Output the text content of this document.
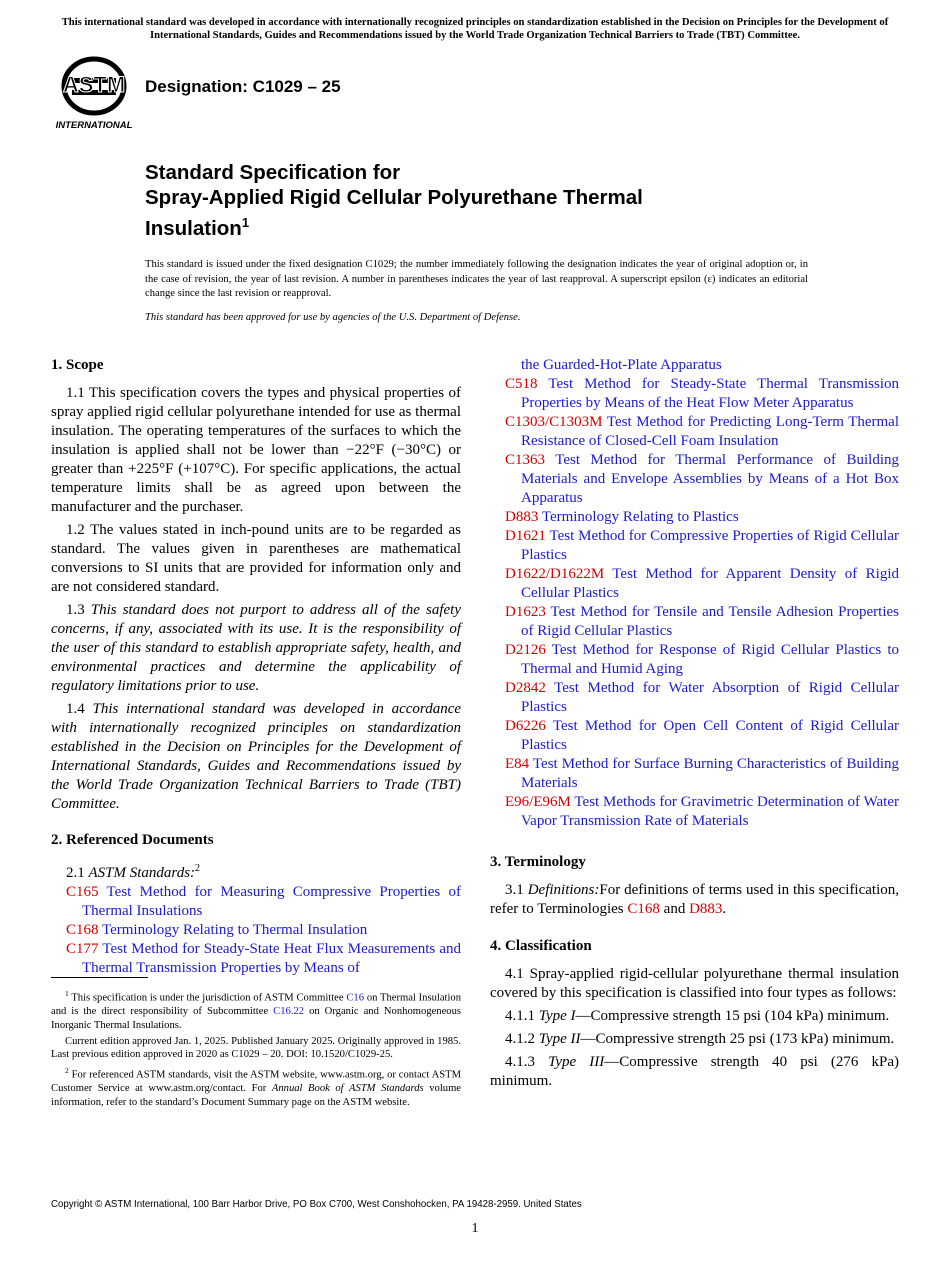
This international standard was developed in accordance with internationally recognized principles on standardization established in the Decision on Principles for the Development of International Standards, Guides and Recommendations issued by the World Trade Organization Technical Barriers to Trade (TBT) Committee.
ASTM
INTERNATIONAL
Designation: C1029 – 25
Standard Specification for
Spray-Applied Rigid Cellular Polyurethane Thermal
Insulation$^1$
This standard is issued under the fixed designation C1029; the number immediately following the designation indicates the year of original adoption or, in the case of revision, the year of last revision. A number in parentheses indicates the year of last reapproval. A superscript epsilon (ε) indicates an editorial change since the last revision or reapproval.
This standard has been approved for use by agencies of the U.S. Department of Defense.
1. Scope

1.1 This specification covers the types and physical properties of spray applied rigid cellular polyurethane intended for use as thermal insulation. The operating temperatures of the surfaces to which the insulation is applied shall not be lower than −22°F (−30°C) or greater than +225°F (+107°C). For specific applications, the actual temperature limits shall be as agreed upon between the manufacturer and the purchaser.

1.2 The values stated in inch-pound units are to be regarded as standard. The values given in parentheses are mathematical conversions to SI units that are provided for information only and are not considered standard.

1.3 This standard does not purport to address all of the safety concerns, if any, associated with its use. It is the responsibility of the user of this standard to establish appropriate safety, health, and environmental practices and determine the applicability of regulatory limitations prior to use.

1.4 This international standard was developed in accordance with internationally recognized principles on standardization established in the Decision on Principles for the Development of International Standards, Guides and Recommendations issued by the World Trade Organization Technical Barriers to Trade (TBT) Committee.

2. Referenced Documents

2.1 ASTM Standards:$^2$

C165 Test Method for Measuring Compressive Properties of Thermal Insulations

C168 Terminology Relating to Thermal Insulation

C177 Test Method for Steady-State Heat Flux Measurements and Thermal Transmission Properties by Means of

the Guarded-Hot-Plate Apparatus

C518 Test Method for Steady-State Thermal Transmission Properties by Means of the Heat Flow Meter Apparatus

C1303/C1303M Test Method for Predicting Long-Term Thermal Resistance of Closed-Cell Foam Insulation

C1363 Test Method for Thermal Performance of Building Materials and Envelope Assemblies by Means of a Hot Box Apparatus

D883 Terminology Relating to Plastics

D1621 Test Method for Compressive Properties of Rigid Cellular Plastics

D1622/D1622M Test Method for Apparent Density of Rigid Cellular Plastics

D1623 Test Method for Tensile and Tensile Adhesion Properties of Rigid Cellular Plastics

D2126 Test Method for Response of Rigid Cellular Plastics to Thermal and Humid Aging

D2842 Test Method for Water Absorption of Rigid Cellular Plastics

D6226 Test Method for Open Cell Content of Rigid Cellular Plastics

E84 Test Method for Surface Burning Characteristics of Building Materials

E96/E96M Test Methods for Gravimetric Determination of Water Vapor Transmission Rate of Materials

3. Terminology

3.1 Definitions:For definitions of terms used in this specification, refer to Terminologies C168 and D883.

4. Classification

4.1 Spray-applied rigid-cellular polyurethane thermal insulation covered by this specification is classified into four types as follows:

4.1.1 Type I—Compressive strength 15 psi (104 kPa) minimum.

4.1.2 Type II—Compressive strength 25 psi (173 kPa) minimum.

4.1.3 Type III—Compressive strength 40 psi (276 kPa) minimum.

$^1$ This specification is under the jurisdiction of ASTM Committee C16 on Thermal Insulation and is the direct responsibility of Subcommittee C16.22 on Organic and Nonhomogeneous Inorganic Thermal Insulations.

Current edition approved Jan. 1, 2025. Published January 2025. Originally approved in 1985. Last previous edition approved in 2020 as C1029 – 20. DOI: 10.1520/C1029-25.

$^2$ For referenced ASTM standards, visit the ASTM website, www.astm.org, or contact ASTM Customer Service at www.astm.org/contact. For Annual Book of ASTM Standards volume information, refer to the standard’s Document Summary page on the ASTM website.

Copyright © ASTM International, 100 Barr Harbor Drive, PO Box C700, West Conshohocken, PA 19428-2959. United States
1
